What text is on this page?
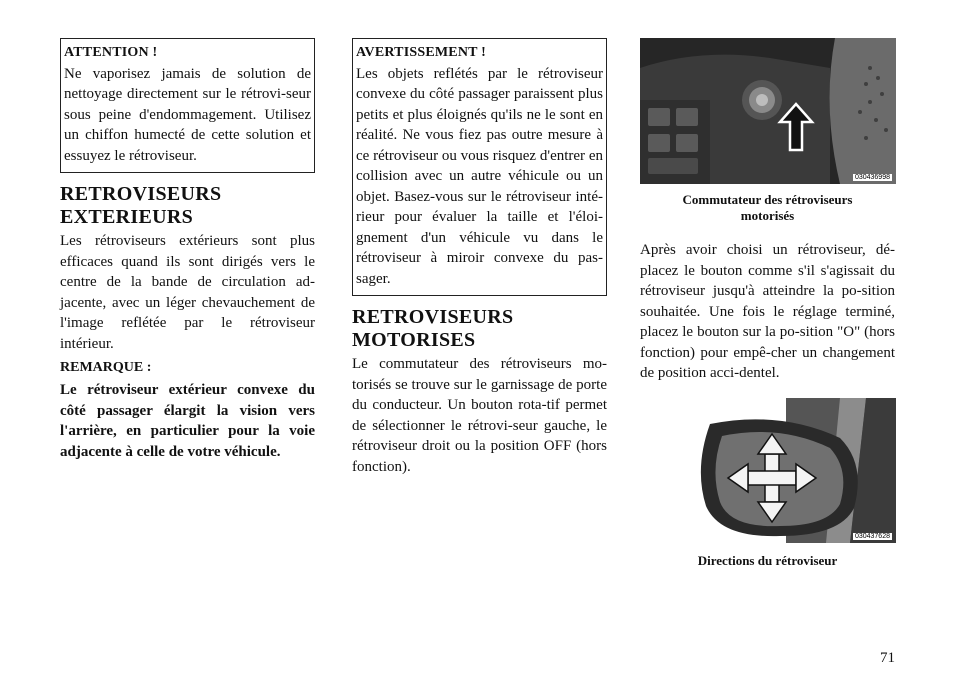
ATTENTION !
Ne vaporisez jamais de solution de nettoyage directement sur le rétrovi-seur sous peine d'endommagement. Utilisez un chiffon humecté de cette solution et essuyez le rétroviseur.
RETROVISEURS
EXTERIEURS

Les rétroviseurs extérieurs sont plus efficaces quand ils sont dirigés vers le centre de la bande de circulation ad-jacente, avec un léger chevauchement de l'image reflétée par le rétroviseur intérieur.

REMARQUE :

Le rétroviseur extérieur convexe du côté passager élargit la vision vers l'arrière, en particulier pour la voie adjacente à celle de votre véhicule.

AVERTISSEMENT !
Les objets reflétés par le rétroviseur convexe du côté passager paraissent plus petits et plus éloignés qu'ils ne le sont en réalité. Ne vous fiez pas outre mesure à ce rétroviseur ou vous risquez d'entrer en collision avec un autre véhicule ou un objet. Basez-vous sur le rétroviseur inté-rieur pour évaluer la taille et l'éloi-gnement d'un véhicule vu dans le rétroviseur à miroir convexe du pas-sager.
RETROVISEURS
MOTORISES

Le commutateur des rétroviseurs mo-torisés se trouve sur le garnissage de porte du conducteur. Un bouton rota-tif permet de sélectionner le rétrovi-seur gauche, le rétroviseur droit ou la position OFF (hors fonction).

030436998
Commutateur des rétroviseurs motorisés

Après avoir choisi un rétroviseur, dé-placez le bouton comme s'il s'agissait du rétroviseur jusqu'à atteindre la po-sition souhaitée. Une fois le réglage terminé, placez le bouton sur la po-sition "O" (hors fonction) pour empê-cher un changement de position acci-dentel.

030437628
Directions du rétroviseur
71
